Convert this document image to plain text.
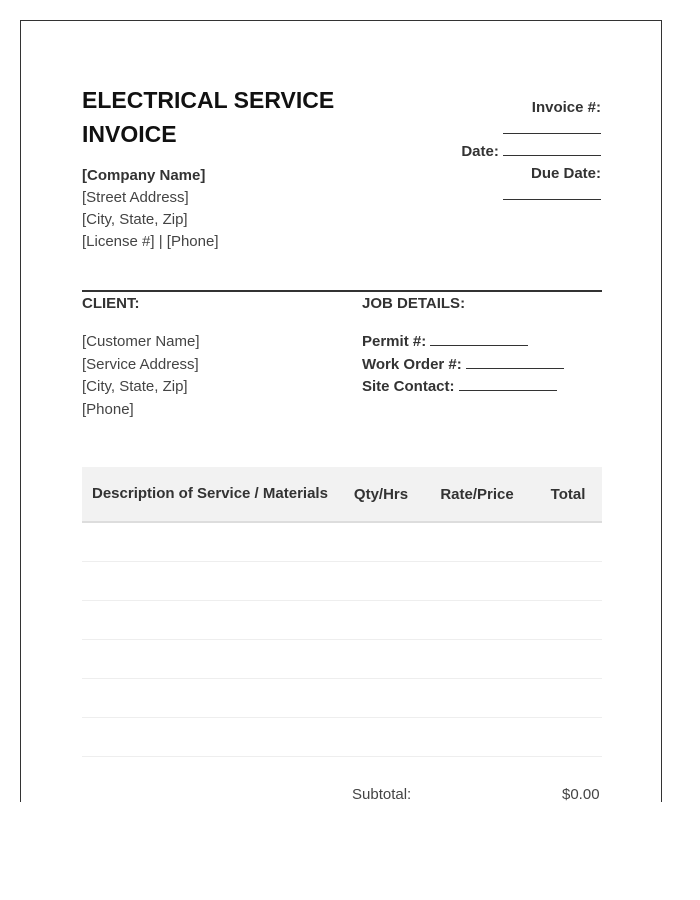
ELECTRICAL SERVICE INVOICE
[Company Name]
[Street Address]
[City, State, Zip]
[License #] | [Phone]
Invoice #:
Date:
Due Date:
CLIENT:
[Customer Name]
[Service Address]
[City, State, Zip]
[Phone]
JOB DETAILS:
Permit #:
Work Order #:
Site Contact:
Description of Service / Materials	Qty/Hrs	Rate/Price	Total
Subtotal:	$0.00
